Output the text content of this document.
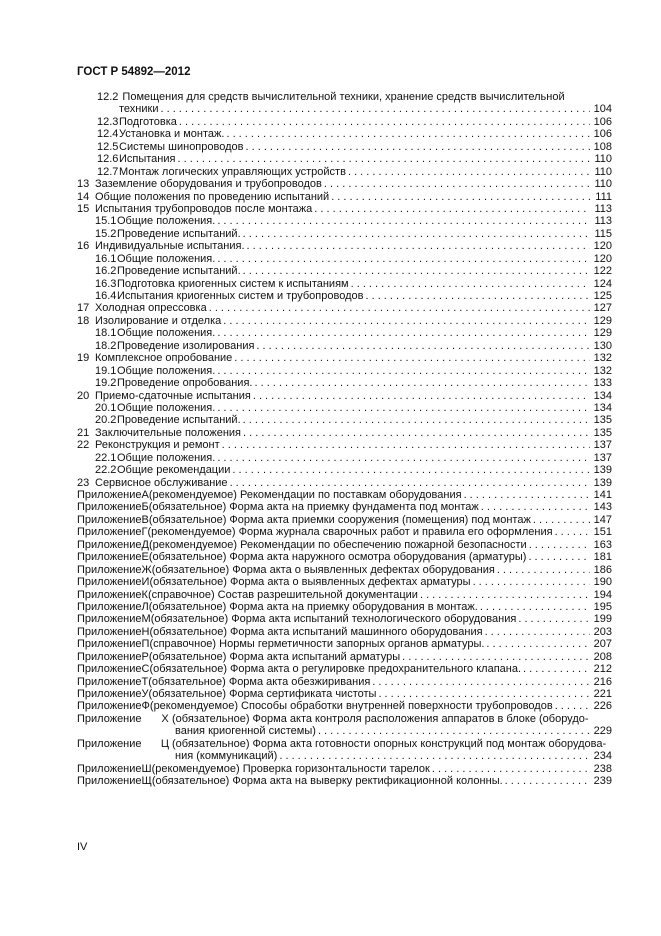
ГОСТ Р 54892—2012
12.2 Помещения для средств вычислительной техники, хранение средств вычислительной
техники . . .	104
12.3 Подготовка . . .	106
12.4 Установка и монтаж. . . .	106
12.5 Системы шинопроводов . . .	108
12.6 Испытания . . .	110
12.7 Монтаж логических управляющих устройств . . .	110
13 Заземление оборудования и трубопроводов . . .	110
14 Общие положения по проведению испытаний . . .	111
15 Испытания трубопроводов после монтажа . . .	113
15.1 Общие положения. . . .	113
15.2 Проведение испытаний. . . .	115
16 Индивидуальные испытания. . . .	120
16.1 Общие положения. . . .	120
16.2 Проведение испытаний. . . .	122
16.3 Подготовка криогенных систем к испытаниям . . .	124
16.4 Испытания криогенных систем и трубопроводов . . .	125
17 Холодная опрессовка . . .	127
18 Изолирование и отделка . . .	129
18.1 Общие положения. . . .	129
18.2 Проведение изолирования . . .	130
19 Комплексное опробование . . .	132
19.1 Общие положения. . . .	132
19.2 Проведение опробования. . . .	133
20 Приемо-сдаточные испытания . . .	134
20.1 Общие положения. . . .	134
20.2 Проведение испытаний. . . .	135
21 Заключительные положения . . .	135
22 Реконструкция и ремонт . . .	137
22.1 Общие положения. . . .	137
22.2 Общие рекомендации . . .	139
23 Сервисное обслуживание . . .	139
Приложение А (рекомендуемое) Рекомендации по поставкам оборудования . . .	141
Приложение Б (обязательное) Форма акта на приемку фундамента под монтаж . . .	143
Приложение В (обязательное) Форма акта приемки сооружения (помещения) под монтаж . . .	147
Приложение Г (рекомендуемое) Форма журнала сварочных работ и правила его оформления . . .	151
Приложение Д (рекомендуемое) Рекомендации по обеспечению пожарной безопасности . . .	163
Приложение Е (обязательное) Форма акта наружного осмотра оборудования (арматуры) . . .	181
Приложение Ж (обязательное) Форма акта о выявленных дефектах оборудования . . .	186
Приложение И (обязательное) Форма акта о выявленных дефектах арматуры . . .	190
Приложение К (справочное) Состав разрешительной документации . . .	194
Приложение Л (обязательное) Форма акта на приемку оборудования в монтаж. . . .	195
Приложение М (обязательное) Форма акта испытаний технологического оборудования . . .	199
Приложение Н (обязательное) Форма акта испытаний машинного оборудования . . .	203
Приложение П (справочное) Нормы герметичности запорных органов арматуры. . . .	207
Приложение Р (обязательное) Форма акта испытаний арматуры . . .	208
Приложение С (обязательное) Форма акта о регулировке предохранительного клапана. . . .	212
Приложение Т (обязательное) Форма акта обезжиривания . . .	216
Приложение У (обязательное) Форма сертификата чистоты . . .	221
Приложение Ф (рекомендуемое) Способы обработки внутренней поверхности трубопроводов . . .	226
Приложение	Х (обязательное) Форма акта контроля расположения аппаратов в блоке (оборудо-
вания криогенной системы) . . .	229
Приложение	Ц (обязательное) Форма акта готовности опорных конструкций под монтаж оборудова-
ния (коммуникаций) . . .	234
Приложение Ш (рекомендуемое) Проверка горизонтальности тарелок . . .	238
Приложение Щ (обязательное) Форма акта на выверку ректификационной колонны. . . .	239
IV
